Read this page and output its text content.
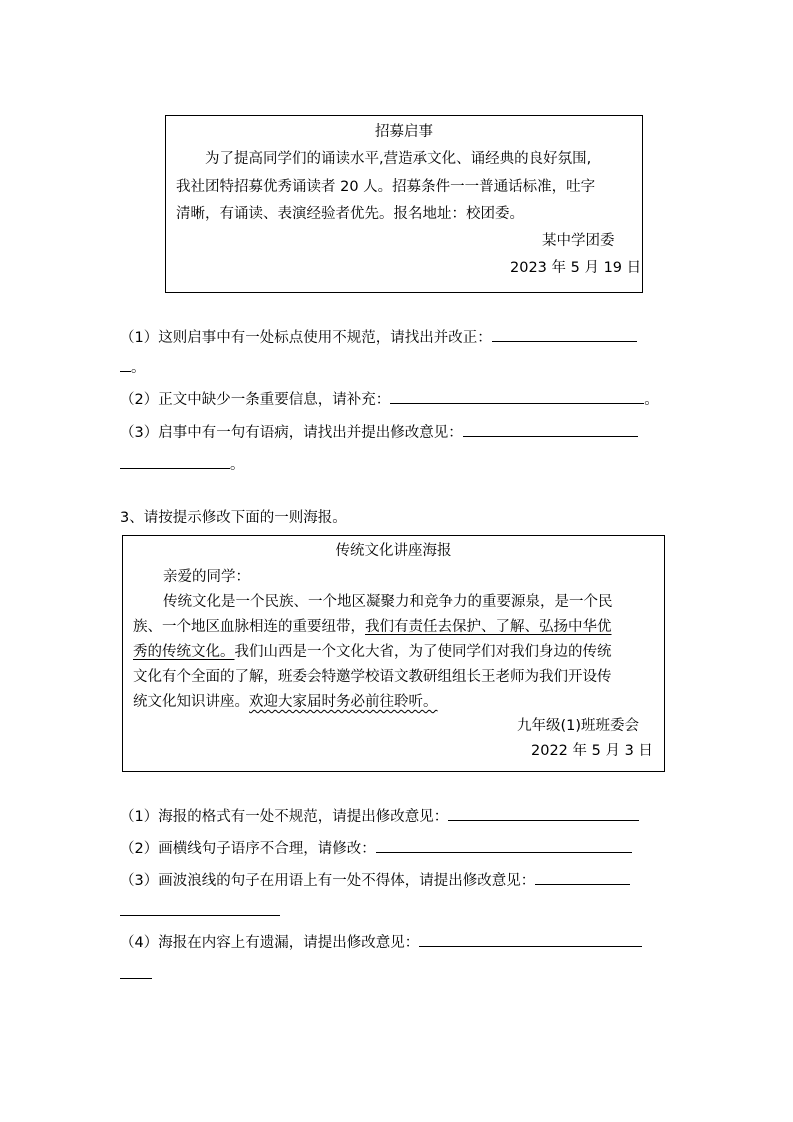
招募启事
为了提高同学们的诵读水平,营造承文化、诵经典的良好氛围,
我社团特招募优秀诵读者 20 人。招募条件一一普通话标准，吐字
清晰，有诵读、表演经验者优先。报名地址：校团委。
某中学团委
2023 年 5 月 19 日
（1）这则启事中有一处标点使用不规范，请找出并改正：
。
（2）正文中缺少一条重要信息，请补充：	。
（3）启事中有一句有语病，请找出并提出修改意见：
。
3、请按提示修改下面的一则海报。
传统文化讲座海报
亲爱的同学：
传统文化是一个民族、一个地区凝聚力和竞争力的重要源泉，是一个民
族、一个地区血脉相连的重要纽带，我们有责任去保护、了解、弘扬中华优
秀的传统文化。我们山西是一个文化大省，为了使同学们对我们身边的传统
文化有个全面的了解，班委会特邀学校语文教研组组长王老师为我们开设传
统文化知识讲座。欢迎大家届时务必前往聆听。
九年级(1)班班委会
2022 年 5 月 3 日
（1）海报的格式有一处不规范，请提出修改意见：
（2）画横线句子语序不合理，请修改：
（3）画波浪线的句子在用语上有一处不得体，请提出修改意见：
（4）海报在内容上有遗漏，请提出修改意见：
